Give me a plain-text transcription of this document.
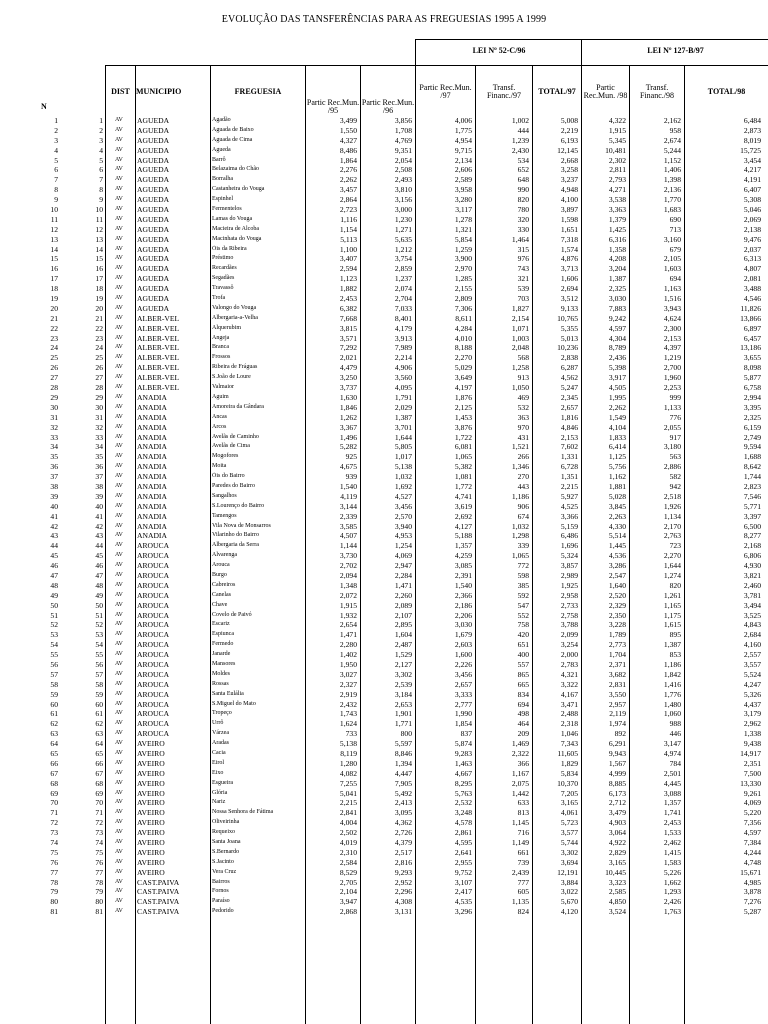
EVOLUÇÃO DAS TANSFERÊNCIAS PARA AS FREGUESIAS 1995 A 1999
LEI Nº 52-C/96	LEI Nº 127-B/97
DIST MUNICIPIO	FREGUESIA
Partic Rec.Mun. /95
Partic Rec.Mun. /96
Partic Rec.Mun. /97
Transf. Financ./97	TOTAL/97	Partic Rec.Mun. /98
Transf. Financ./98	TOTAL/98
N
1	1 AV	AGUEDA	Agadão	3,499	3,856	4,006	1,002	5,008	4,322	2,162	6,484
2	2 AV	AGUEDA	Aguada de Baixo	1,550	1,708	1,775	444	2,219	1,915	958	2,873
3	3 AV	AGUEDA	Aguada de Cima	4,327	4,769	4,954	1,239	6,193	5,345	2,674	8,019
4	4 AV	AGUEDA	Agueda	8,486	9,351	9,715	2,430	12,145	10,481	5,244	15,725
5	5 AV	AGUEDA	Barrô	1,864	2,054	2,134	534	2,668	2,302	1,152	3,454
6	6 AV	AGUEDA	Belazaima do Chão	2,276	2,508	2,606	652	3,258	2,811	1,406	4,217
7	7 AV	AGUEDA	Borralha	2,262	2,493	2,589	648	3,237	2,793	1,398	4,191
8	8 AV	AGUEDA	Castanheira do Vouga	3,457	3,810	3,958	990	4,948	4,271	2,136	6,407
9	9 AV	AGUEDA	Espinhel	2,864	3,156	3,280	820	4,100	3,538	1,770	5,308
10	10 AV	AGUEDA	Fermentelos	2,723	3,000	3,117	780	3,897	3,363	1,683	5,046
11	11 AV	AGUEDA	Lamas do Vouga	1,116	1,230	1,278	320	1,598	1,379	690	2,069
12	12 AV	AGUEDA	Macieira de Alcoba	1,154	1,271	1,321	330	1,651	1,425	713	2,138
13	13 AV	AGUEDA	Macinhata do Vouga	5,113	5,635	5,854	1,464	7,318	6,316	3,160	9,476
14	14 AV	AGUEDA	Óis da Ribeira	1,100	1,212	1,259	315	1,574	1,358	679	2,037
15	15 AV	AGUEDA	Préstimo	3,407	3,754	3,900	976	4,876	4,208	2,105	6,313
16	16 AV	AGUEDA	Recardães	2,594	2,859	2,970	743	3,713	3,204	1,603	4,807
17	17 AV	AGUEDA	Segadães	1,123	1,237	1,285	321	1,606	1,387	694	2,081
18	18 AV	AGUEDA	Travassô	1,882	2,074	2,155	539	2,694	2,325	1,163	3,488
19	19 AV	AGUEDA	Trofa	2,453	2,704	2,809	703	3,512	3,030	1,516	4,546
20	20 AV	AGUEDA	Valongo do Vouga	6,382	7,033	7,306	1,827	9,133	7,883	3,943	11,826
21	21 AV	ALBER-VEL	Albergaria-a-Velha	7,668	8,401	8,611	2,154	10,765	9,242	4,624	13,866
22	22 AV	ALBER-VEL	Alquerubim	3,815	4,179	4,284	1,071	5,355	4,597	2,300	6,897
23	23 AV	ALBER-VEL	Angeja	3,571	3,913	4,010	1,003	5,013	4,304	2,153	6,457
24	24 AV	ALBER-VEL	Branca	7,292	7,989	8,188	2,048	10,236	8,789	4,397	13,186
25	25 AV	ALBER-VEL	Frossos	2,021	2,214	2,270	568	2,838	2,436	1,219	3,655
26	26 AV	ALBER-VEL	Ribeira de Fráguas	4,479	4,906	5,029	1,258	6,287	5,398	2,700	8,098
27	27 AV	ALBER-VEL	S.João de Loure	3,250	3,560	3,649	913	4,562	3,917	1,960	5,877
28	28 AV	ALBER-VEL	Valmaior	3,737	4,095	4,197	1,050	5,247	4,505	2,253	6,758
29	29 AV	ANADIA	Aguim	1,630	1,791	1,876	469	2,345	1,995	999	2,994
30	30 AV	ANADIA	Amoreira da Gândara	1,846	2,029	2,125	532	2,657	2,262	1,133	3,395
31	31 AV	ANADIA	Ancas	1,262	1,387	1,453	363	1,816	1,549	776	2,325
32	32 AV	ANADIA	Arcos	3,367	3,701	3,876	970	4,846	4,104	2,055	6,159
33	33 AV	ANADIA	Avelãs de Caminho	1,496	1,644	1,722	431	2,153	1,833	917	2,749
34	34 AV	ANADIA	Avelãs de Cima	5,282	5,805	6,081	1,521	7,602	6,414	3,180	9,594
35	35 AV	ANADIA	Mogofores	925	1,017	1,065	266	1,331	1,125	563	1,688
36	36 AV	ANADIA	Moita	4,675	5,138	5,382	1,346	6,728	5,756	2,886	8,642
37	37 AV	ANADIA	Óis do Bairro	939	1,032	1,081	270	1,351	1,162	582	1,744
38	38 AV	ANADIA	Paredes do Bairro	1,540	1,692	1,772	443	2,215	1,881	942	2,823
39	39 AV	ANADIA	Sangalhos	4,119	4,527	4,741	1,186	5,927	5,028	2,518	7,546
40	40 AV	ANADIA	S.Lourenço do Bairro	3,144	3,456	3,619	906	4,525	3,845	1,926	5,771
41	41 AV	ANADIA	Tamengos	2,339	2,570	2,692	674	3,366	2,263	1,134	3,397
42	42 AV	ANADIA	Vila Nova de Monsarros	3,585	3,940	4,127	1,032	5,159	4,330	2,170	6,500
43	43 AV	ANADIA	Vilarinho do Bairro	4,507	4,953	5,188	1,298	6,486	5,514	2,763	8,277
44	44 AV	AROUCA	Albergaria da Serra	1,144	1,254	1,357	339	1,696	1,445	723	2,168
45	45 AV	AROUCA	Alvarenga	3,730	4,069	4,259	1,065	5,324	4,536	2,270	6,806
46	46 AV	AROUCA	Arouca	2,702	2,947	3,085	772	3,857	3,286	1,644	4,930
47	47 AV	AROUCA	Burgo	2,094	2,284	2,391	598	2,989	2,547	1,274	3,821
48	48 AV	AROUCA	Cabreiros	1,348	1,471	1,540	385	1,925	1,640	820	2,460
49	49 AV	AROUCA	Canelas	2,072	2,260	2,366	592	2,958	2,520	1,261	3,781
50	50 AV	AROUCA	Chave	1,915	2,089	2,186	547	2,733	2,329	1,165	3,494
51	51 AV	AROUCA	Covelo de Paivó	1,932	2,107	2,206	552	2,758	2,350	1,175	3,525
52	52 AV	AROUCA	Escariz	2,654	2,895	3,030	758	3,788	3,228	1,615	4,843
53	53 AV	AROUCA	Espiunca	1,471	1,604	1,679	420	2,099	1,789	895	2,684
54	54 AV	AROUCA	Fermedo	2,280	2,487	2,603	651	3,254	2,773	1,387	4,160
55	55 AV	AROUCA	Janarde	1,402	1,529	1,600	400	2,000	1,704	853	2,557
56	56 AV	AROUCA	Mansores	1,950	2,127	2,226	557	2,783	2,371	1,186	3,557
57	57 AV	AROUCA	Moldes	3,027	3,302	3,456	865	4,321	3,682	1,842	5,524
58	58 AV	AROUCA	Rossas	2,327	2,539	2,657	665	3,322	2,831	1,416	4,247
59	59 AV	AROUCA	Santa Eulália	2,919	3,184	3,333	834	4,167	3,550	1,776	5,326
60	60 AV	AROUCA	S.Miguel do Mato	2,432	2,653	2,777	694	3,471	2,957	1,480	4,437
61	61 AV	AROUCA	Tropeço	1,743	1,901	1,990	498	2,488	2,119	1,060	3,179
62	62 AV	AROUCA	Urrô	1,624	1,771	1,854	464	2,318	1,974	988	2,962
63	63 AV	AROUCA	Várzea	733	800	837	209	1,046	892	446	1,338
64	64 AV	AVEIRO	Aradas	5,138	5,597	5,874	1,469	7,343	6,291	3,147	9,438
65	65 AV	AVEIRO	Cacia	8,119	8,846	9,283	2,322	11,605	9,943	4,974	14,917
66	66 AV	AVEIRO	Eirol	1,280	1,394	1,463	366	1,829	1,567	784	2,351
67	67 AV	AVEIRO	Eixo	4,082	4,447	4,667	1,167	5,834	4,999	2,501	7,500
68	68 AV	AVEIRO	Esgueira	7,255	7,905	8,295	2,075	10,370	8,885	4,445	13,330
69	69 AV	AVEIRO	Glória	5,041	5,492	5,763	1,442	7,205	6,173	3,088	9,261
70	70 AV	AVEIRO	Nariz	2,215	2,413	2,532	633	3,165	2,712	1,357	4,069
71	71 AV	AVEIRO	Nossa Senhora de Fátima	2,841	3,095	3,248	813	4,061	3,479	1,741	5,220
72	72 AV	AVEIRO	Oliveirinha	4,004	4,362	4,578	1,145	5,723	4,903	2,453	7,356
73	73 AV	AVEIRO	Requeixo	2,502	2,726	2,861	716	3,577	3,064	1,533	4,597
74	74 AV	AVEIRO	Santa Joana	4,019	4,379	4,595	1,149	5,744	4,922	2,462	7,384
75	75 AV	AVEIRO	S.Bernardo	2,310	2,517	2,641	661	3,302	2,829	1,415	4,244
76	76 AV	AVEIRO	S.Jacinto	2,584	2,816	2,955	739	3,694	3,165	1,583	4,748
77	77 AV	AVEIRO	Vera Cruz	8,529	9,293	9,752	2,439	12,191	10,445	5,226	15,671
78	78 AV	CAST.PAIVA	Bairros	2,705	2,952	3,107	777	3,884	3,323	1,662	4,985
79	79 AV	CAST.PAIVA	Fornos	2,104	2,296	2,417	605	3,022	2,585	1,293	3,878
80	80 AV	CAST.PAIVA	Paraíso	3,947	4,308	4,535	1,135	5,670	4,850	2,426	7,276
81	81 AV	CAST.PAIVA	Pedorido	2,868	3,131	3,296	824	4,120	3,524	1,763	5,287
